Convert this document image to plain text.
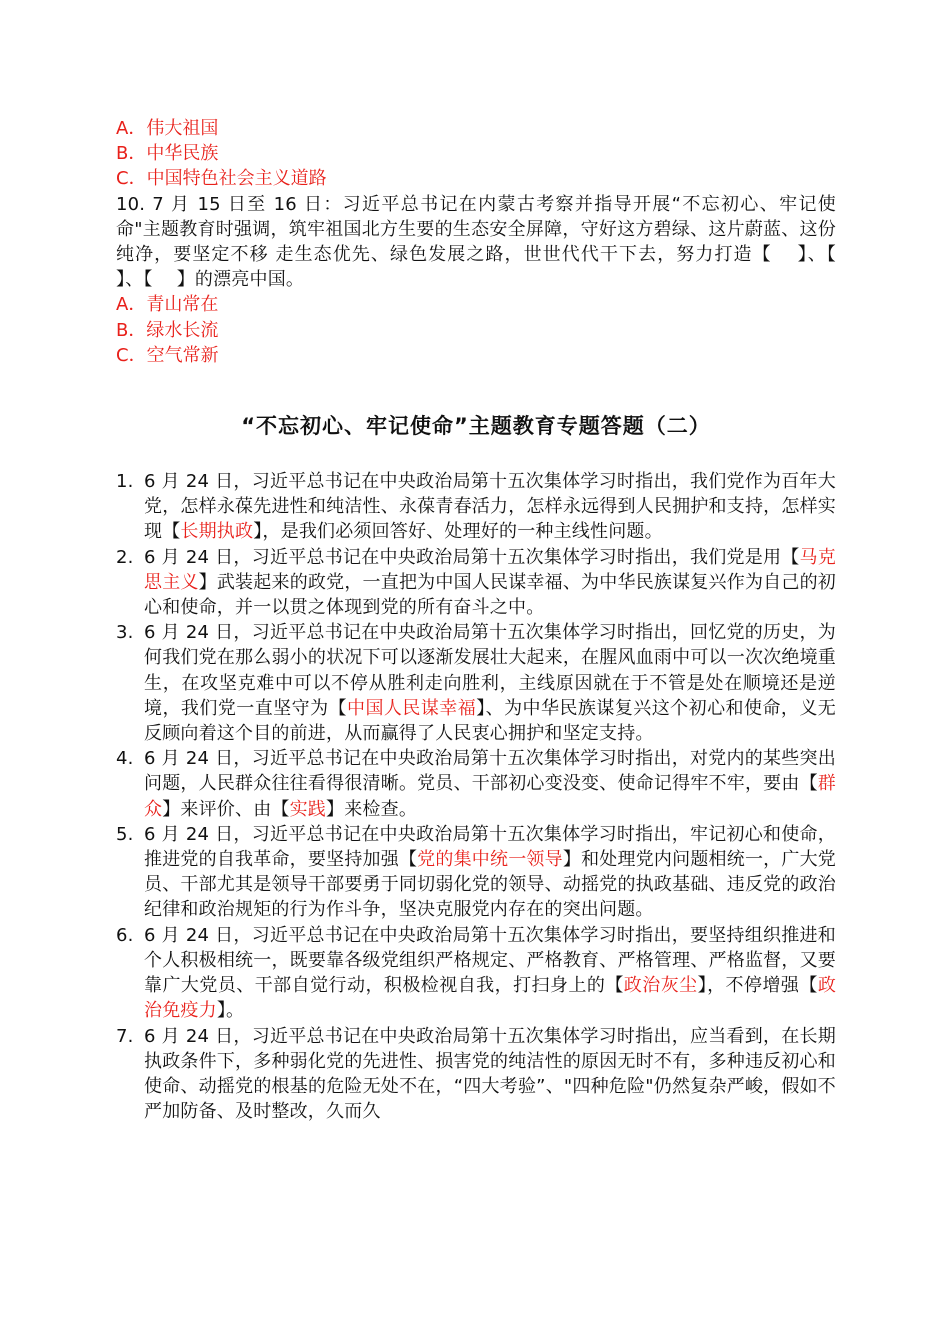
A．伟大祖国
B．中华民族
C．中国特色社会主义道路
10. 7 月 15 日至 16 日：习近平总书记在内蒙古考察并指导开展“不忘初心、牢记使命"主题教育时强调，筑牢祖国北方生要的生态安全屏障，守好这方碧绿、这片蔚蓝、这份纯净，要坚定不移 走生态优先、绿色发展之路，世世代代干下去，努力打造【　 】、【　 】、【　 】的漂亮中国。
A．青山常在
B．绿水长流
C．空气常新
“不忘初心、牢记使命”主题教育专题答题（二）
1. 6 月 24 日，习近平总书记在中央政治局第十五次集体学习时指出，我们党作为百年大党，怎样永葆先进性和纯洁性、永葆青春活力，怎样永远得到人民拥护和支持，怎样实现【长期执政】，是我们必须回答好、处理好的一种主线性问题。
2. 6 月 24 日，习近平总书记在中央政治局第十五次集体学习时指出，我们党是用【马克思主义】武装起来的政党，一直把为中国人民谋幸福、为中华民族谋复兴作为自己的初心和使命，并一以贯之体现到党的所有奋斗之中。
3. 6 月 24 日，习近平总书记在中央政治局第十五次集体学习时指出，回忆党的历史，为何我们党在那么弱小的状况下可以逐渐发展壮大起来，在腥风血雨中可以一次次绝境重生，在攻坚克难中可以不停从胜利走向胜利，主线原因就在于不管是处在顺境还是逆境，我们党一直坚守为【中国人民谋幸福】、为中华民族谋复兴这个初心和使命，义无反顾向着这个目的前进，从而赢得了人民衷心拥护和坚定支持。
4. 6 月 24 日，习近平总书记在中央政治局第十五次集体学习时指出，对党内的某些突出问题，人民群众往往看得很清晰。党员、干部初心变没变、使命记得牢不牢，要由【群众】来评价、由【实践】来检查。
5. 6 月 24 日，习近平总书记在中央政治局第十五次集体学习时指出，牢记初心和使命，推进党的自我革命，要坚持加强【党的集中统一领导】和处理党内问题相统一，广大党员、干部尤其是领导干部要勇于同切弱化党的领导、动摇党的执政基础、违反党的政治纪律和政治规矩的行为作斗争，坚决克服党内存在的突出问题。
6. 6 月 24 日，习近平总书记在中央政治局第十五次集体学习时指出，要坚持组织推进和个人积极相统一，既要靠各级党组织严格规定、严格教育、严格管理、严格监督，又要靠广大党员、干部自觉行动，积极检视自我，打扫身上的【政治灰尘】，不停增强【政治免疫力】。
7. 6 月 24 日，习近平总书记在中央政治局第十五次集体学习时指出，应当看到，在长期执政条件下，多种弱化党的先进性、损害党的纯洁性的原因无时不有，多种违反初心和使命、动摇党的根基的危险无处不在，“四大考验”、"四种危险"仍然复杂严峻，假如不严加防备、及时整改，久而久
